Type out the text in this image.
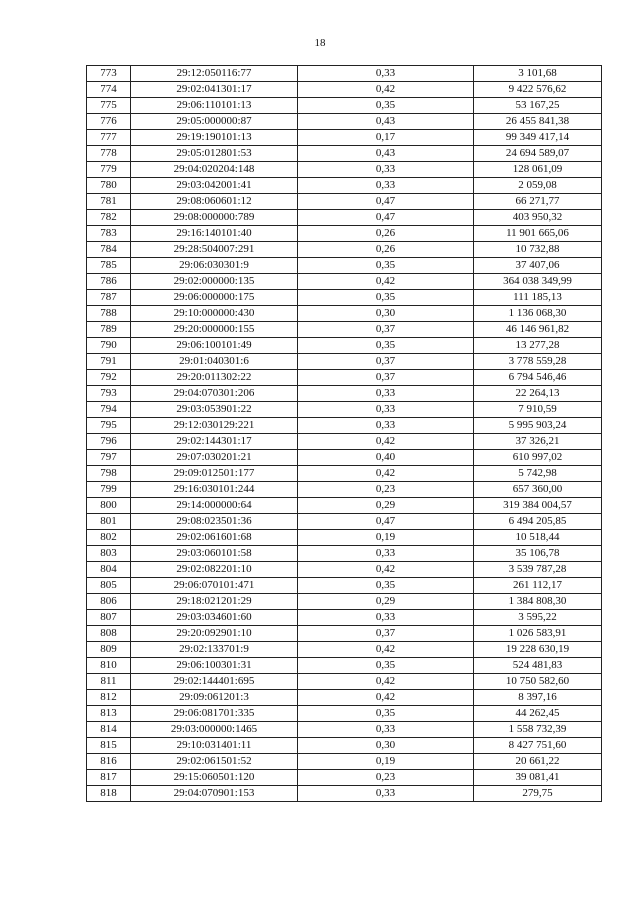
18
773	29:12:050116:77	0,33	3 101,68
774	29:02:041301:17	0,42	9 422 576,62
775	29:06:110101:13	0,35	53 167,25
776	29:05:000000:87	0,43	26 455 841,38
777	29:19:190101:13	0,17	99 349 417,14
778	29:05:012801:53	0,43	24 694 589,07
779	29:04:020204:148	0,33	128 061,09
780	29:03:042001:41	0,33	2 059,08
781	29:08:060601:12	0,47	66 271,77
782	29:08:000000:789	0,47	403 950,32
783	29:16:140101:40	0,26	11 901 665,06
784	29:28:504007:291	0,26	10 732,88
785	29:06:030301:9	0,35	37 407,06
786	29:02:000000:135	0,42	364 038 349,99
787	29:06:000000:175	0,35	111 185,13
788	29:10:000000:430	0,30	1 136 068,30
789	29:20:000000:155	0,37	46 146 961,82
790	29:06:100101:49	0,35	13 277,28
791	29:01:040301:6	0,37	3 778 559,28
792	29:20:011302:22	0,37	6 794 546,46
793	29:04:070301:206	0,33	22 264,13
794	29:03:053901:22	0,33	7 910,59
795	29:12:030129:221	0,33	5 995 903,24
796	29:02:144301:17	0,42	37 326,21
797	29:07:030201:21	0,40	610 997,02
798	29:09:012501:177	0,42	5 742,98
799	29:16:030101:244	0,23	657 360,00
800	29:14:000000:64	0,29	319 384 004,57
801	29:08:023501:36	0,47	6 494 205,85
802	29:02:061601:68	0,19	10 518,44
803	29:03:060101:58	0,33	35 106,78
804	29:02:082201:10	0,42	3 539 787,28
805	29:06:070101:471	0,35	261 112,17
806	29:18:021201:29	0,29	1 384 808,30
807	29:03:034601:60	0,33	3 595,22
808	29:20:092901:10	0,37	1 026 583,91
809	29:02:133701:9	0,42	19 228 630,19
810	29:06:100301:31	0,35	524 481,83
811	29:02:144401:695	0,42	10 750 582,60
812	29:09:061201:3	0,42	8 397,16
813	29:06:081701:335	0,35	44 262,45
814	29:03:000000:1465	0,33	1 558 732,39
815	29:10:031401:11	0,30	8 427 751,60
816	29:02:061501:52	0,19	20 661,22
817	29:15:060501:120	0,23	39 081,41
818	29:04:070901:153	0,33	279,75
